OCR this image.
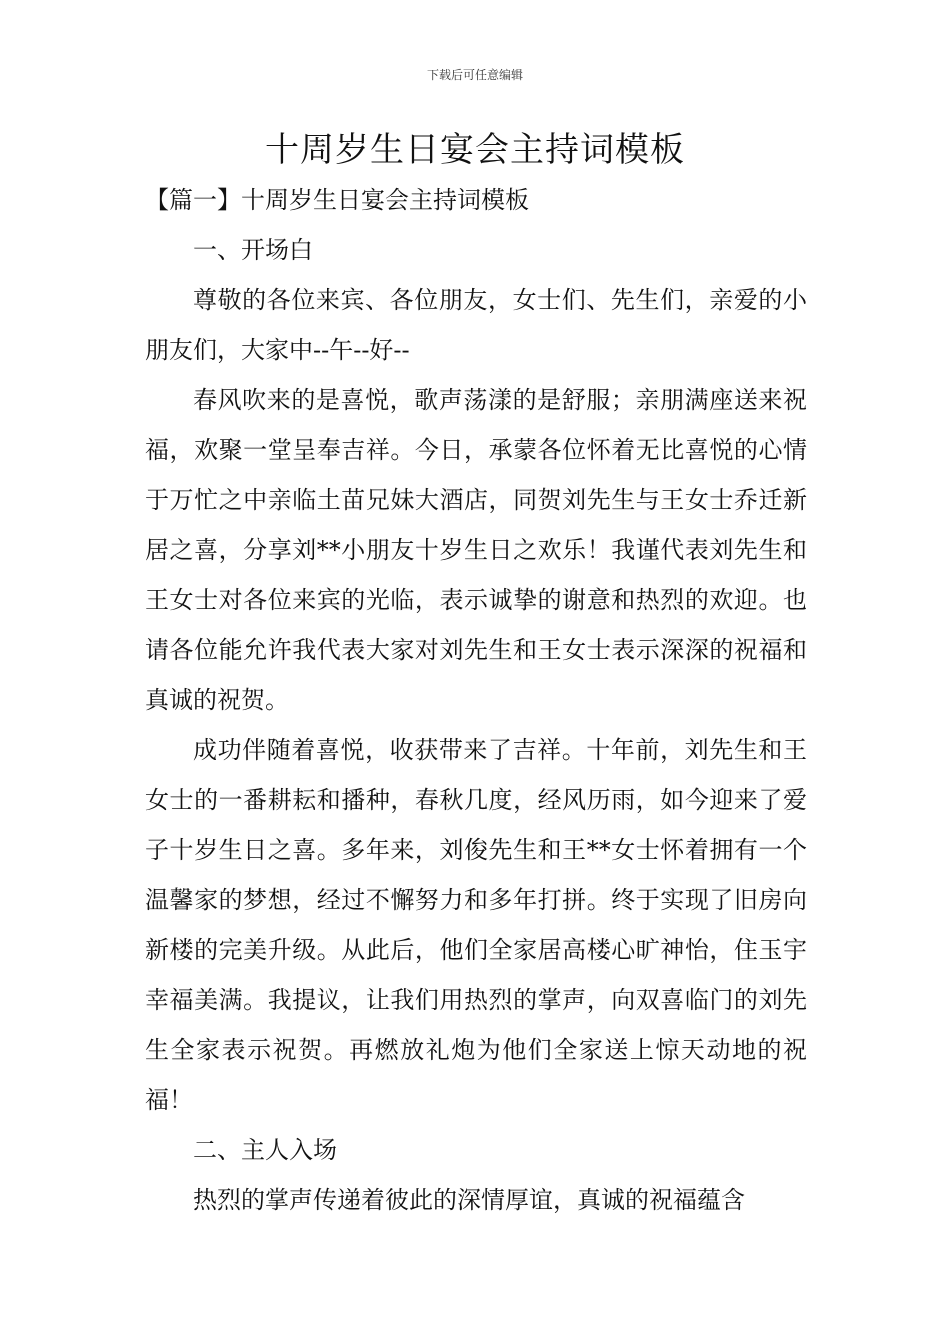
下载后可任意编辑
十周岁生日宴会主持词模板

【篇一】十周岁生日宴会主持词模板

一、开场白

尊敬的各位来宾、各位朋友，女士们、先生们，亲爱的小朋友们，大家中--午--好--

春风吹来的是喜悦，歌声荡漾的是舒服；亲朋满座送来祝福，欢聚一堂呈奉吉祥。今日，承蒙各位怀着无比喜悦的心情于万忙之中亲临土苗兄妹大酒店，同贺刘先生与王女士乔迁新居之喜，分享刘**小朋友十岁生日之欢乐！我谨代表刘先生和王女士对各位来宾的光临，表示诚挚的谢意和热烈的欢迎。也请各位能允许我代表大家对刘先生和王女士表示深深的祝福和真诚的祝贺。

成功伴随着喜悦，收获带来了吉祥。十年前，刘先生和王女士的一番耕耘和播种，春秋几度，经风历雨，如今迎来了爱子十岁生日之喜。多年来，刘俊先生和王**女士怀着拥有一个温馨家的梦想，经过不懈努力和多年打拼。终于实现了旧房向新楼的完美升级。从此后，他们全家居高楼心旷神怡，住玉宇幸福美满。我提议，让我们用热烈的掌声，向双喜临门的刘先生全家表示祝贺。再燃放礼炮为他们全家送上惊天动地的祝福！

二、主人入场

热烈的掌声传递着彼此的深情厚谊，真诚的祝福蕴含
